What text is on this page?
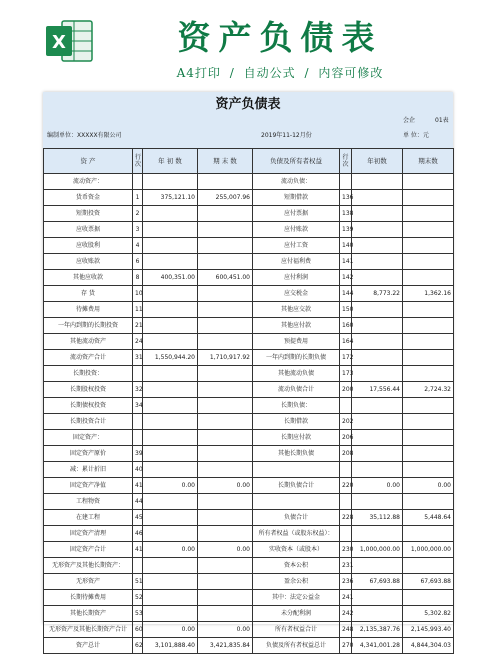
X	资产负债表
A4打印 / 自动公式 / 内容可修改
资产负债表
会企	01表
编制单位：XXXXX有限公司	2019年11-12月份	单 位：元
资 产	行次	年 初 数	期 末 数	负债及所有者权益	行次	年初数	期末数
流动资产：				流动负债：			
货币资金	1	375,121.10	255,007.96	短期借款	136		
短期投资	2			应付票据	138		
应收票据	3			应付账款	139		
应收股利	4			应付工资	140		
应收账款	6			应付福利费	141		
其他应收款	8	400,351.00	600,451.00	应付利润	142		
存 货	10			应交税金	144	8,773.22	1,362.16
待摊费用	11			其他应交款	150		
一年内到期的长期投资	21			其他应付款	160		
其他流动资产	24			预提费用	164		
流动资产合计	31	1,550,944.20	1,710,917.92	一年内到期的长期负债	172		
长期投资：				其他流动负债	173		
长期股权投资	32			流动负债合计	200	17,556.44	2,724.32
长期债权投资	34			长期负债：			
长期投资合计				长期借款	202		
固定资产：				长期应付款	206		
固定资产原价	39			其他长期负债	208		
减：累计折旧	40						
固定资产净值	41	0.00	0.00	长期负债合计	220	0.00	0.00
工程物资	44						
在建工程	45			负债合计	228	35,112.88	5,448.64
固定资产清理	46			所有者权益（或股东权益）：			
固定资产合计	41	0.00	0.00	实收资本（或股本）	230	1,000,000.00	1,000,000.00
无形资产及其他长期资产：				资本公积	231		
无形资产	51			盈余公积	236	67,693.88	67,693.88
长期待摊费用	52			其中：法定公益金	241		
其他长期资产	53			未分配利润	242		5,302.82
无形资产及其他长期资产合计	60	0.00	0.00	所有者权益合计	248	2,135,387.76	2,145,993.40
资产总计	62	3,101,888.40	3,421,835.84	负债及所有者权益总计	270	4,341,001.28	4,844,304.03
